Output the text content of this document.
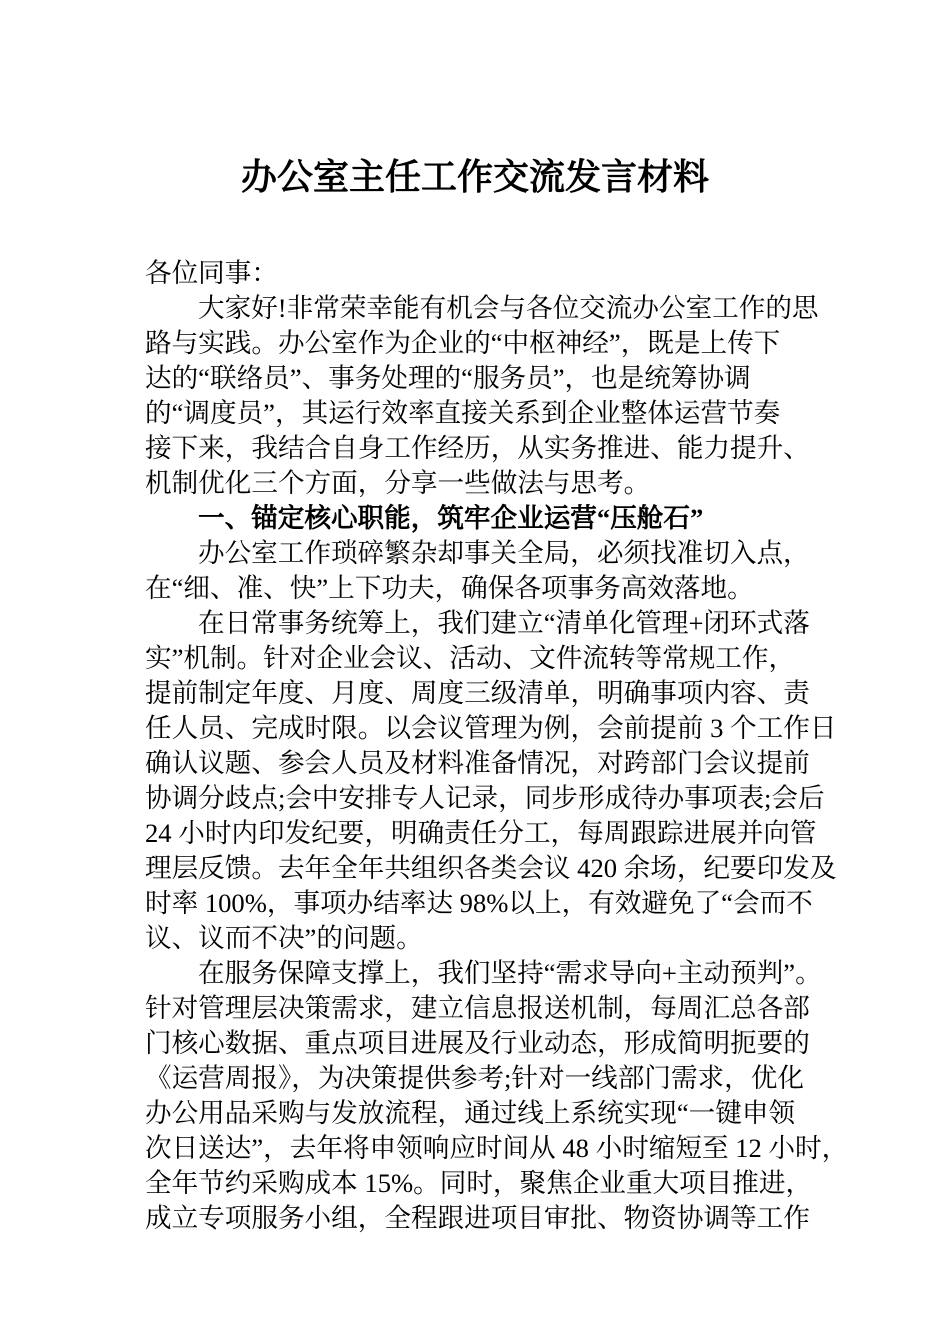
办公室主任工作交流发言材料
各位同事：
大家好!非常荣幸能有机会与各位交流办公室工作的思
路与实践。办公室作为企业的“中枢神经”，既是上传下
达的“联络员”、事务处理的“服务员”，也是统筹协调
的“调度员”，其运行效率直接关系到企业整体运营节奏
接下来，我结合自身工作经历，从实务推进、能力提升、
机制优化三个方面，分享一些做法与思考。
一、锚定核心职能，筑牢企业运营“压舱石”
办公室工作琐碎繁杂却事关全局，必须找准切入点，
在“细、准、快”上下功夫，确保各项事务高效落地。
在日常事务统筹上，我们建立“清单化管理+闭环式落
实”机制。针对企业会议、活动、文件流转等常规工作，
提前制定年度、月度、周度三级清单，明确事项内容、责
任人员、完成时限。以会议管理为例，会前提前 3 个工作日
确认议题、参会人员及材料准备情况，对跨部门会议提前
协调分歧点;会中安排专人记录，同步形成待办事项表;会后
24 小时内印发纪要，明确责任分工，每周跟踪进展并向管
理层反馈。去年全年共组织各类会议 420 余场，纪要印发及
时率 100%，事项办结率达 98%以上，有效避免了“会而不
议、议而不决”的问题。
在服务保障支撑上，我们坚持“需求导向+主动预判”。
针对管理层决策需求，建立信息报送机制，每周汇总各部
门核心数据、重点项目进展及行业动态，形成简明扼要的
《运营周报》，为决策提供参考;针对一线部门需求，优化
办公用品采购与发放流程，通过线上系统实现“一键申领
次日送达”，去年将申领响应时间从 48 小时缩短至 12 小时，
全年节约采购成本 15%。同时，聚焦企业重大项目推进，
成立专项服务小组，全程跟进项目审批、物资协调等工作
